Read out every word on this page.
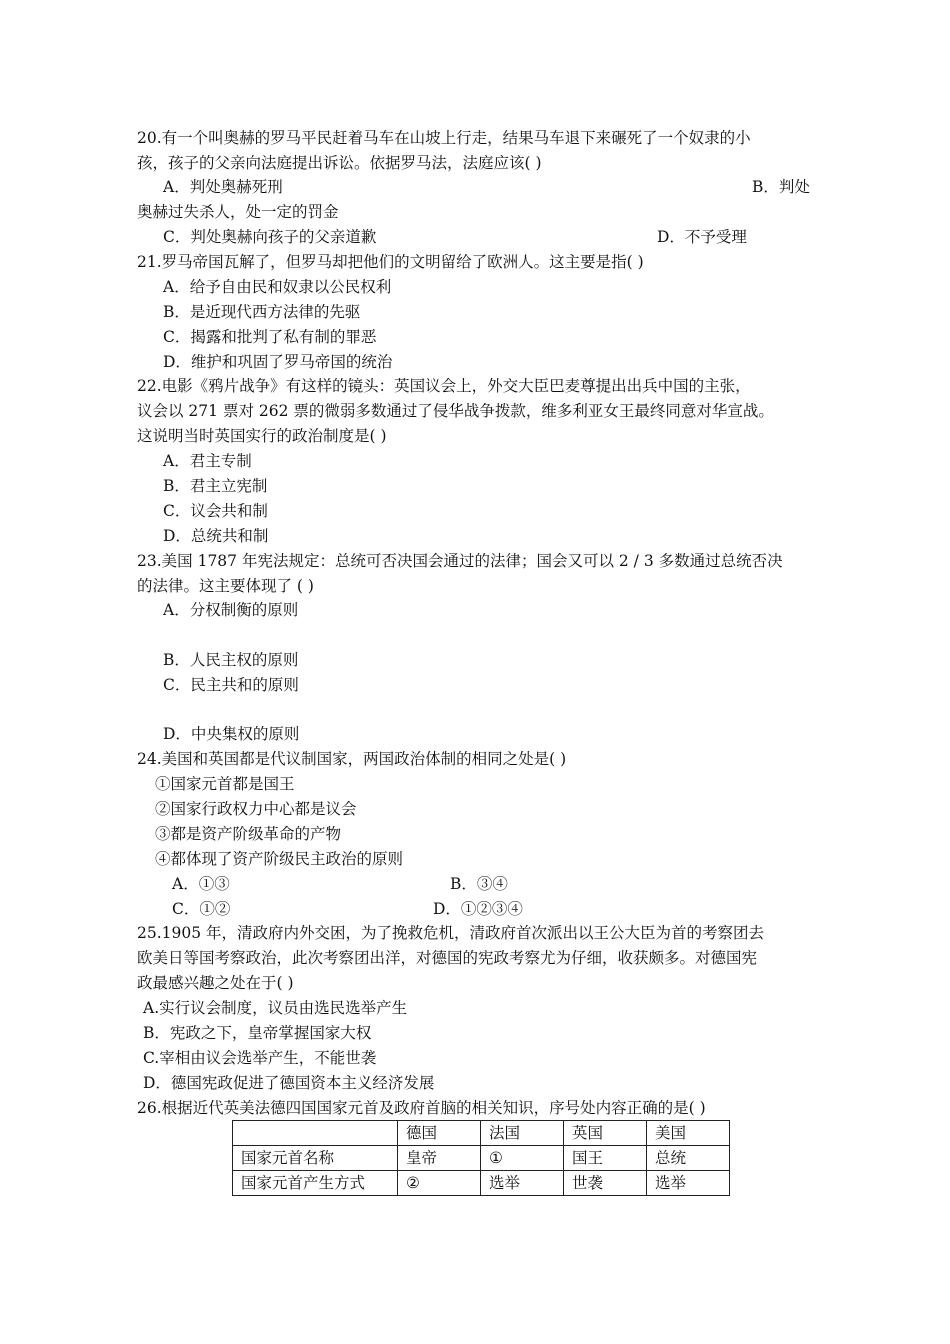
20.有一个叫奥赫的罗马平民赶着马车在山坡上行走，结果马车退下来碾死了一个奴隶的小
孩，孩子的父亲向法庭提出诉讼。依据罗马法，法庭应该( )
A．判处奥赫死刑	B．判处
奥赫过失杀人，处一定的罚金
C．判处奥赫向孩子的父亲道歉	D．不予受理
21.罗马帝国瓦解了，但罗马却把他们的文明留给了欧洲人。这主要是指( )
A．给予自由民和奴隶以公民权利
B．是近现代西方法律的先驱
C．揭露和批判了私有制的罪恶
D．维护和巩固了罗马帝国的统治
22.电影《鸦片战争》有这样的镜头：英国议会上，外交大臣巴麦尊提出出兵中国的主张，
议会以 271 票对 262 票的微弱多数通过了侵华战争拨款，维多利亚女王最终同意对华宣战。
这说明当时英国实行的政治制度是( )
A．君主专制
B．君主立宪制
C．议会共和制
D．总统共和制
23.美国 1787 年宪法规定：总统可否决国会通过的法律；国会又可以 2 / 3 多数通过总统否决
的法律。这主要体现了 ( )
A．分权制衡的原则
B．人民主权的原则
C．民主共和的原则
D．中央集权的原则
24.美国和英国都是代议制国家，两国政治体制的相同之处是( )
①国家元首都是国王
②国家行政权力中心都是议会
③都是资产阶级革命的产物
④都体现了资产阶级民主政治的原则
A．①③	B．③④
C．①②	D．①②③④
25.1905 年，清政府内外交困，为了挽救危机，清政府首次派出以王公大臣为首的考察团去
欧美日等国考察政治，此次考察团出洋，对德国的宪政考察尤为仔细，收获颇多。对德国宪
政最感兴趣之处在于( )
A.实行议会制度，议员由选民选举产生
B．宪政之下，皇帝掌握国家大权
C.宰相由议会选举产生，不能世袭
D．德国宪政促进了德国资本主义经济发展
26.根据近代英美法德四国国家元首及政府首脑的相关知识，序号处内容正确的是( )
	德国	法国	英国	美国
国家元首名称	皇帝	①	国王	总统
国家元首产生方式	②	选举	世袭	选举
